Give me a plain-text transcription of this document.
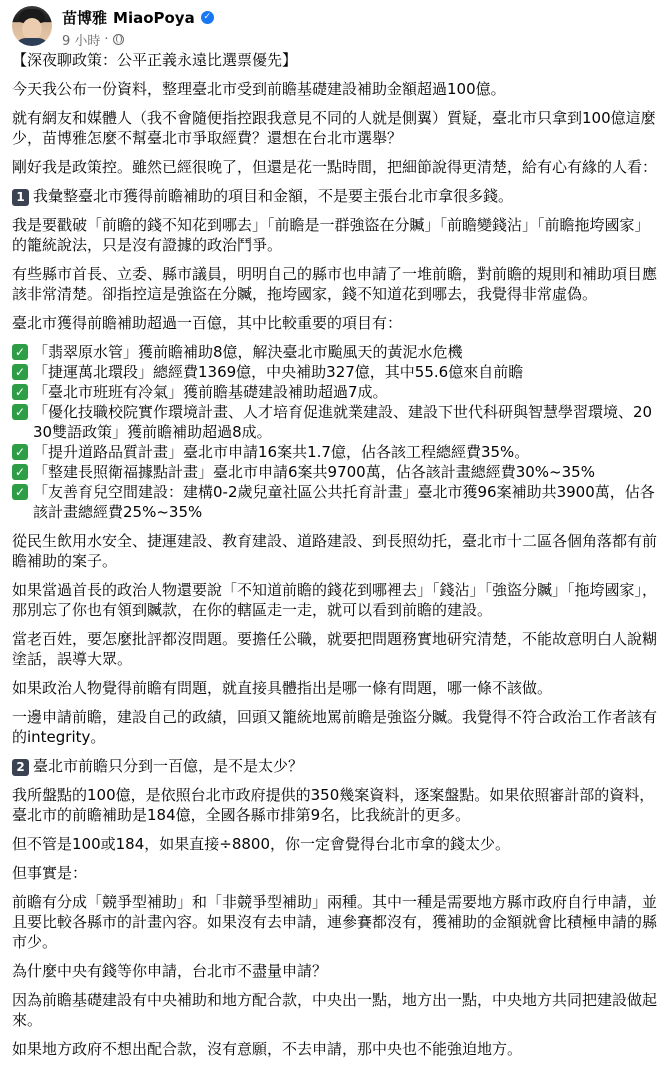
苗博雅 MiaoPoya ✓
9 小時 ·

【深夜聊政策：公平正義永遠比選票優先】

今天我公布一份資料，整理臺北市受到前瞻基礎建設補助金額超過100億。

就有網友和媒體人（我不會隨便指控跟我意見不同的人就是側翼）質疑，臺北市只拿到100億這麼少，苗博雅怎麼不幫臺北市爭取經費？還想在台北市選舉？

剛好我是政策控。雖然已經很晚了，但還是花一點時間，把細節說得更清楚，給有心有緣的人看：

1 我彙整臺北市獲得前瞻補助的項目和金額，不是要主張台北市拿很多錢。

我是要戳破「前瞻的錢不知花到哪去」「前瞻是一群強盜在分贓」「前瞻變錢沾」「前瞻拖垮國家」的籠統說法，只是沒有證據的政治鬥爭。

有些縣市首長、立委、縣市議員，明明自己的縣市也申請了一堆前瞻，對前瞻的規則和補助項目應該非常清楚。卻指控這是強盜在分贓，拖垮國家，錢不知道花到哪去，我覺得非常虛偽。

臺北市獲得前瞻補助超過一百億，其中比較重要的項目有：

✓ 「翡翠原水管」獲前瞻補助8億，解決臺北市颱風天的黃泥水危機
✓ 「捷運萬北環段」總經費1369億，中央補助327億，其中55.6億來自前瞻
✓ 「臺北市班班有冷氣」獲前瞻基礎建設補助超過7成。
✓ 「優化技職校院實作環境計畫、人才培育促進就業建設、建設下世代科研與智慧學習環境、2030雙語政策」獲前瞻補助超過8成。
✓ 「提升道路品質計畫」臺北市申請16案共1.7億，佔各該工程總經費35%。
✓ 「整建長照衛福據點計畫」臺北市申請6案共9700萬，佔各該計畫總經費30%~35%
✓ 「友善育兒空間建設：建構0-2歲兒童社區公共托育計畫」臺北市獲96案補助共3900萬，佔各該計畫總經費25%~35%

從民生飲用水安全、捷運建設、教育建設、道路建設、到長照幼托，臺北市十二區各個角落都有前瞻補助的案子。

如果當過首長的政治人物還要說「不知道前瞻的錢花到哪裡去」「錢沾」「強盜分贓」「拖垮國家」，那別忘了你也有領到贓款，在你的轄區走一走，就可以看到前瞻的建設。

當老百姓，要怎麼批評都沒問題。要擔任公職，就要把問題務實地研究清楚，不能故意明白人說糊塗話，誤導大眾。

如果政治人物覺得前瞻有問題，就直接具體指出是哪一條有問題，哪一條不該做。

一邊申請前瞻，建設自己的政績，回頭又籠統地罵前瞻是強盜分贓。我覺得不符合政治工作者該有的integrity。

2 臺北市前瞻只分到一百億，是不是太少？

我所盤點的100億，是依照台北市政府提供的350幾案資料，逐案盤點。如果依照審計部的資料，臺北市的前瞻補助是184億，全國各縣市排第9名，比我統計的更多。

但不管是100或184，如果直接÷8800，你一定會覺得台北市拿的錢太少。

但事實是：

前瞻有分成「競爭型補助」和「非競爭型補助」兩種。其中一種是需要地方縣市政府自行申請，並且要比較各縣市的計畫內容。如果沒有去申請，連參賽都沒有，獲補助的金額就會比積極申請的縣市少。

為什麼中央有錢等你申請，台北市不盡量申請？

因為前瞻基礎建設有中央補助和地方配合款，中央出一點，地方出一點，中央地方共同把建設做起來。

如果地方政府不想出配合款，沒有意願，不去申請，那中央也不能強迫地方。
